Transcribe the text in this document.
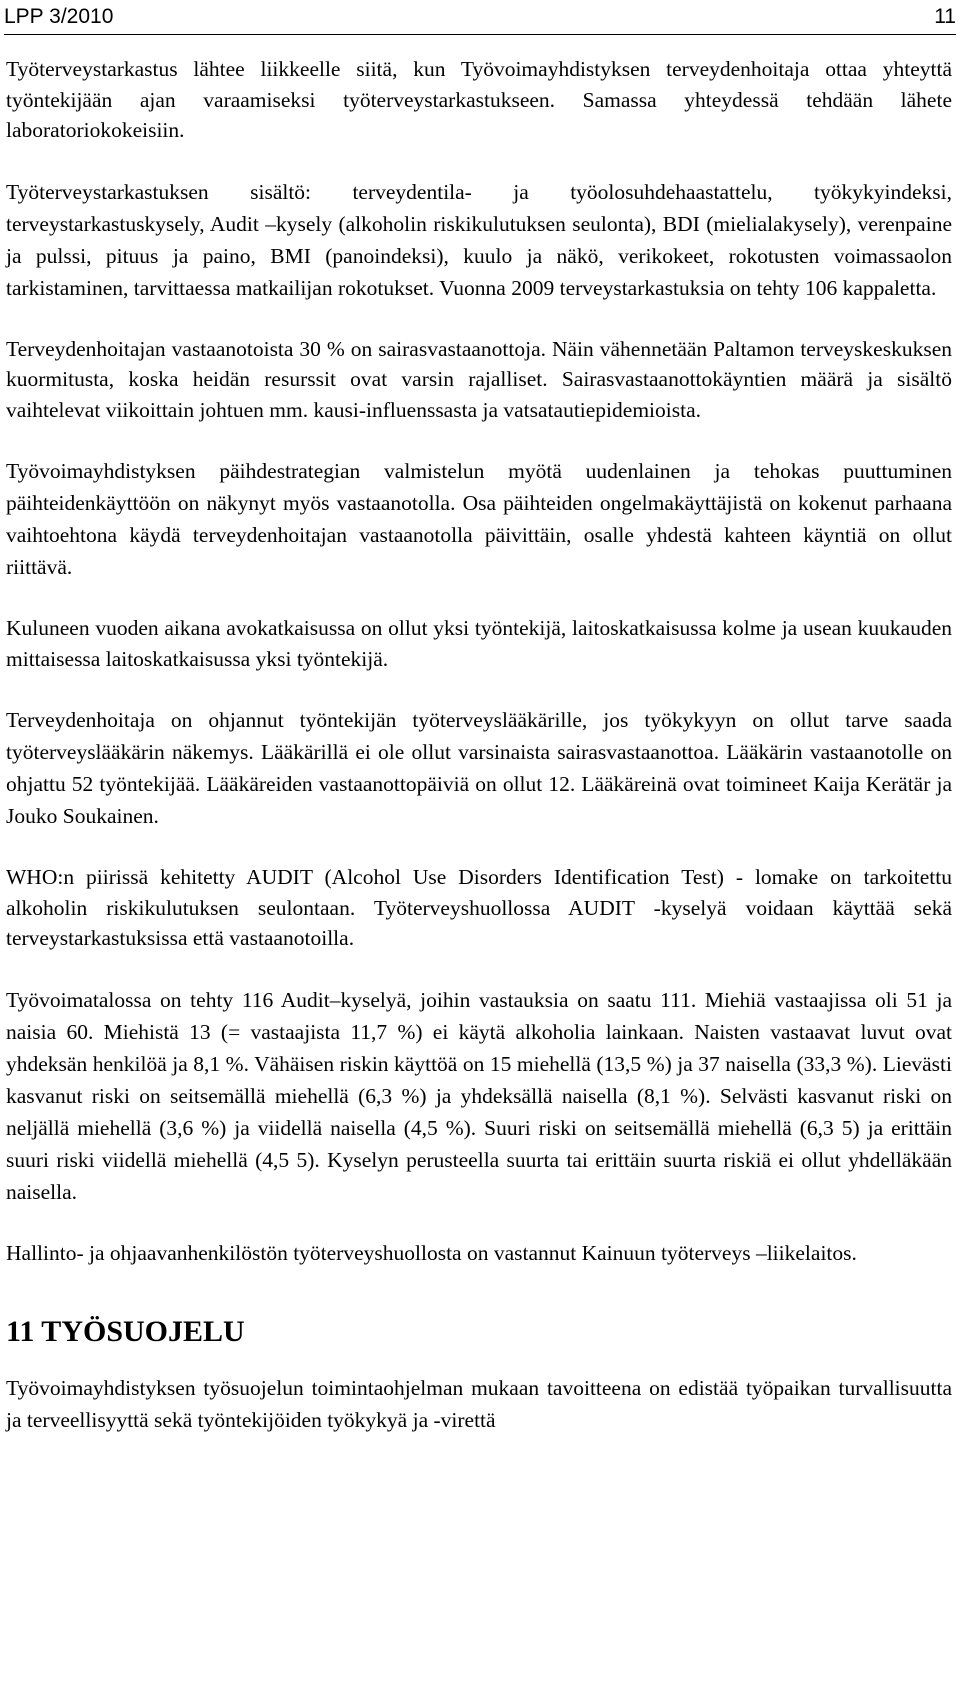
LPP 3/2010	11

Työterveystarkastus lähtee liikkeelle siitä, kun Työvoimayhdistyksen terveydenhoitaja ottaa yhteyttä työntekijään ajan varaamiseksi työterveystarkastukseen. Samassa yhteydessä tehdään lähete laboratoriokokeisiin.

Työterveystarkastuksen sisältö: terveydentila- ja työolosuhdehaastattelu, työkykyindeksi, terveystarkastuskysely, Audit –kysely (alkoholin riskikulutuksen seulonta), BDI (mielialakysely), verenpaine ja pulssi, pituus ja paino, BMI (panoindeksi), kuulo ja näkö, verikokeet, rokotusten voimassaolon tarkistaminen, tarvittaessa matkailijan rokotukset. Vuonna 2009 terveystarkastuksia on tehty 106 kappaletta.

Terveydenhoitajan vastaanotoista 30 % on sairasvastaanottoja. Näin vähennetään Paltamon terveyskeskuksen kuormitusta, koska heidän resurssit ovat varsin rajalliset. Sairasvastaanottokäyntien määrä ja sisältö vaihtelevat viikoittain johtuen mm. kausi-influenssasta ja vatsatautiepidemioista.

Työvoimayhdistyksen päihdestrategian valmistelun myötä uudenlainen ja tehokas puuttuminen päihteidenkäyttöön on näkynyt myös vastaanotolla. Osa päihteiden ongelmakäyttäjistä on kokenut parhaana vaihtoehtona käydä terveydenhoitajan vastaanotolla päivittäin, osalle yhdestä kahteen käyntiä on ollut riittävä.

Kuluneen vuoden aikana avokatkaisussa on ollut yksi työntekijä, laitoskatkaisussa kolme ja usean kuukauden mittaisessa laitoskatkaisussa yksi työntekijä.

Terveydenhoitaja on ohjannut työntekijän työterveyslääkärille, jos työkykyyn on ollut tarve saada työterveyslääkärin näkemys. Lääkärillä ei ole ollut varsinaista sairasvastaanottoa. Lääkärin vastaanotolle on ohjattu 52 työntekijää. Lääkäreiden vastaanottopäiviä on ollut 12. Lääkäreinä ovat toimineet Kaija Kerätär ja Jouko Soukainen.

WHO:n piirissä kehitetty AUDIT (Alcohol Use Disorders Identification Test) - lomake on tarkoitettu alkoholin riskikulutuksen seulontaan. Työterveyshuollossa AUDIT -kyselyä voidaan käyttää sekä terveystarkastuksissa että vastaanotoilla.

Työvoimatalossa on tehty 116 Audit–kyselyä, joihin vastauksia on saatu 111. Miehiä vastaajissa oli 51 ja naisia 60. Miehistä 13 (= vastaajista 11,7 %) ei käytä alkoholia lainkaan. Naisten vastaavat luvut ovat yhdeksän henkilöä ja 8,1 %. Vähäisen riskin käyttöä on 15 miehellä (13,5 %) ja 37 naisella (33,3 %). Lievästi kasvanut riski on seitsemällä miehellä (6,3 %) ja yhdeksällä naisella (8,1 %). Selvästi kasvanut riski on neljällä miehellä (3,6 %) ja viidellä naisella (4,5 %). Suuri riski on seitsemällä miehellä (6,3 5) ja erittäin suuri riski viidellä miehellä (4,5 5). Kyselyn perusteella suurta tai erittäin suurta riskiä ei ollut yhdelläkään naisella.

Hallinto- ja ohjaavanhenkilöstön työterveyshuollosta on vastannut Kainuun työterveys –liikelaitos.

11 TYÖSUOJELU

Työvoimayhdistyksen työsuojelun toimintaohjelman mukaan tavoitteena on edistää työpaikan turvallisuutta ja terveellisyyttä sekä työntekijöiden työkykyä ja -virettä
